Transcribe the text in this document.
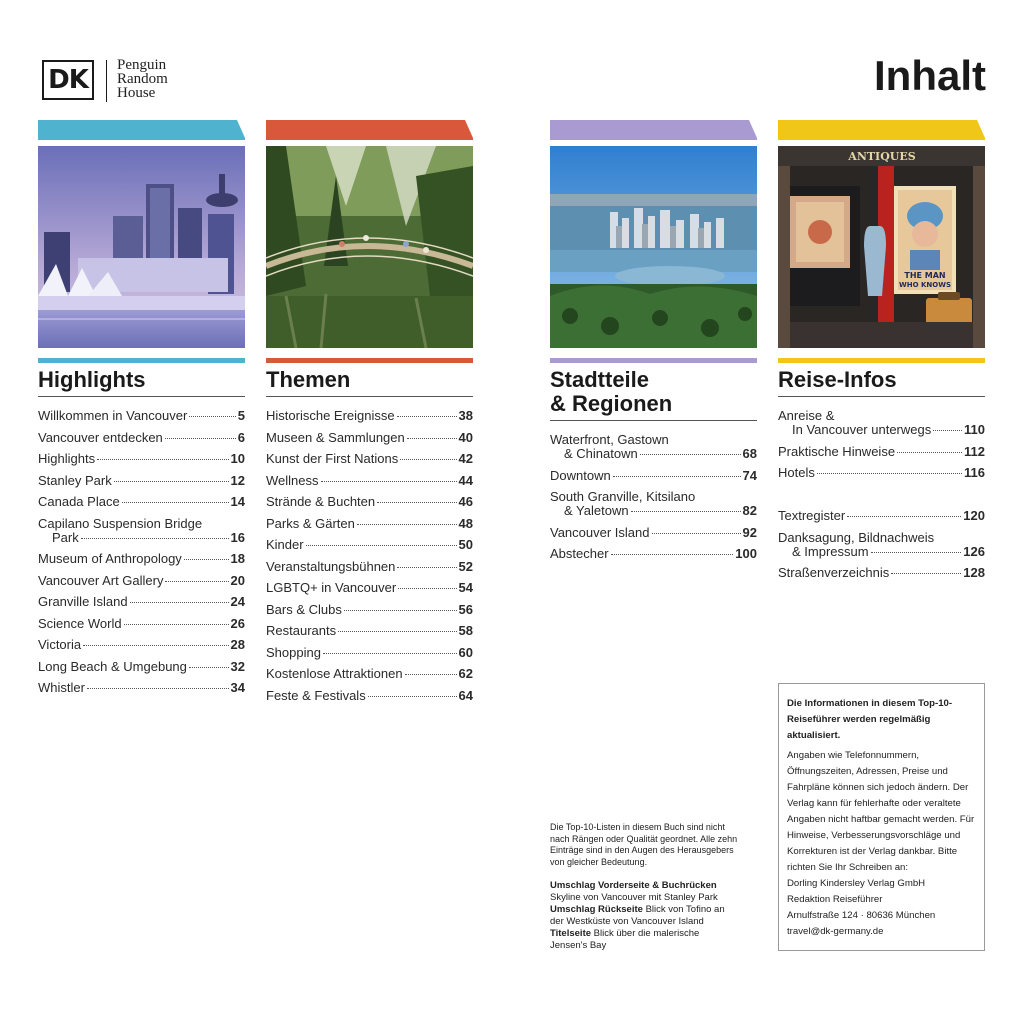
DK Penguin
Random
House	Inhalt
Highlights
Willkommen in Vancouver	5
Vancouver entdecken	6
Highlights	10
Stanley Park	12
Canada Place	14
Capilano Suspension Bridge
Park	16
Museum of Anthropology	18
Vancouver Art Gallery	20
Granville Island	24
Science World	26
Victoria	28
Long Beach & Umgebung	32
Whistler	34
Themen
Historische Ereignisse	38
Museen & Sammlungen	40
Kunst der First Nations	42
Wellness	44
Strände & Buchten	46
Parks & Gärten	48
Kinder	50
Veranstaltungsbühnen	52
LGBTQ+ in Vancouver	54
Bars & Clubs	56
Restaurants	58
Shopping	60
Kostenlose Attraktionen	62
Feste & Festivals	64
Stadtteile
& Regionen
Waterfront, Gastown
& Chinatown	68
Downtown	74
South Granville, Kitsilano
& Yaletown	82
Vancouver Island	92
Abstecher	100
ANTIQUES
THE MAN
WHO KNOWS
Reise-Infos
Anreise &
In Vancouver unterwegs	110
Praktische Hinweise	112
Hotels	116
Textregister	120
Danksagung, Bildnachweis
& Impressum	126
Straßenverzeichnis	128
Die Top-10-Listen in diesem Buch sind nicht nach Rängen oder Qualität geordnet. Alle zehn Einträge sind in den Augen des Herausgebers von gleicher Bedeutung.
Umschlag Vorderseite & Buchrücken
Skyline von Vancouver mit Stanley Park
Umschlag Rückseite Blick von Tofino an der Westküste von Vancouver Island
Titelseite Blick über die malerische Jensen's Bay
Die Informationen in diesem Top-10-Reiseführer werden regelmäßig aktualisiert.
Angaben wie Telefonnummern, Öffnungszeiten, Adressen, Preise und Fahrpläne können sich jedoch ändern. Der Verlag kann für fehlerhafte oder veraltete Angaben nicht haftbar gemacht werden. Für Hinweise, Verbesserungsvorschläge und Korrekturen ist der Verlag dankbar. Bitte richten Sie Ihr Schreiben an:
Dorling Kindersley Verlag GmbH
Redaktion Reiseführer
Arnulfstraße 124 · 80636 München
travel@dk-germany.de
